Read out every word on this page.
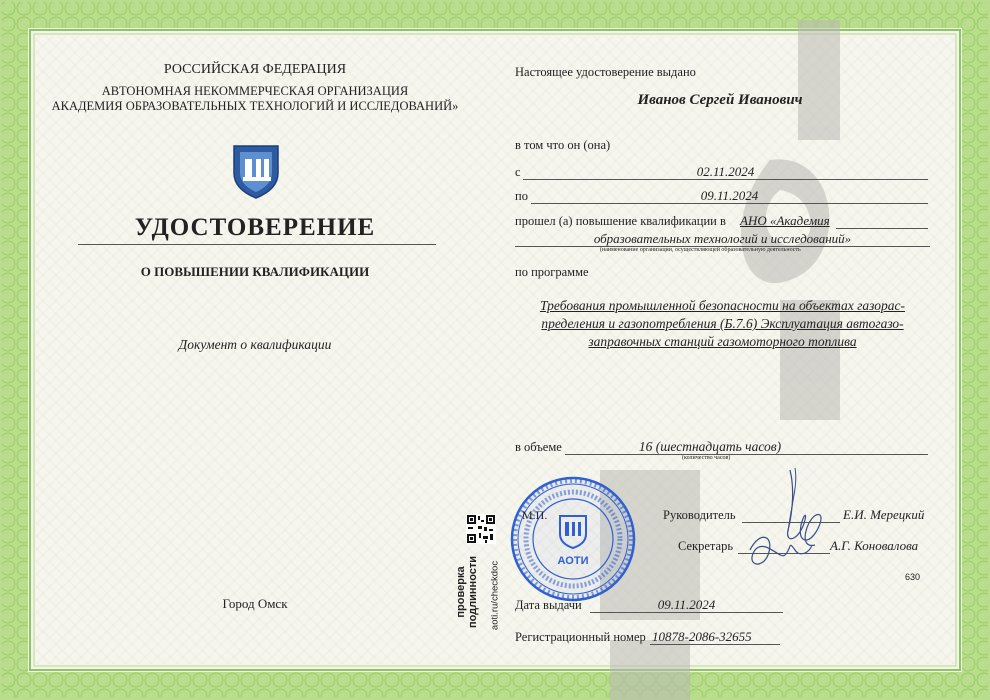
РОССИЙСКАЯ ФЕДЕРАЦИЯ
АВТОНОМНАЯ НЕКОММЕРЧЕСКАЯ ОРГАНИЗАЦИЯ
АКАДЕМИЯ ОБРАЗОВАТЕЛЬНЫХ ТЕХНОЛОГИЙ И ИССЛЕДОВАНИЙ»
УДОСТОВЕРЕНИЕ
О ПОВЫШЕНИИ КВАЛИФИКАЦИИ
Документ о квалификации
Город Омск	проверка подлинности aoti.ru/checkdoc
Настоящее удостоверение выдано
Иванов Сергей Иванович
в том что он (она)
с	02.11.2024
по	09.11.2024
прошел (а) повышение квалификации в АНО «Академия
образовательных технологий и исследований»
(наименование организации, осуществляющей образовательную деятельность
по программе
Требования промышленной безопасности на объектах газорас-
пределения и газопотребления (Б.7.6) Эксплуатация автогазо-
заправочных станций газомоторного топлива
в объеме	16 (шестнадцать часов)
(количество часов)
АОТИ
М.П.	Руководитель	Е.И. Мерецкий
Секретарь	А.Г. Коновалова
630
Дата выдачи	09.11.2024
Регистрационный номер 10878-2086-32655
